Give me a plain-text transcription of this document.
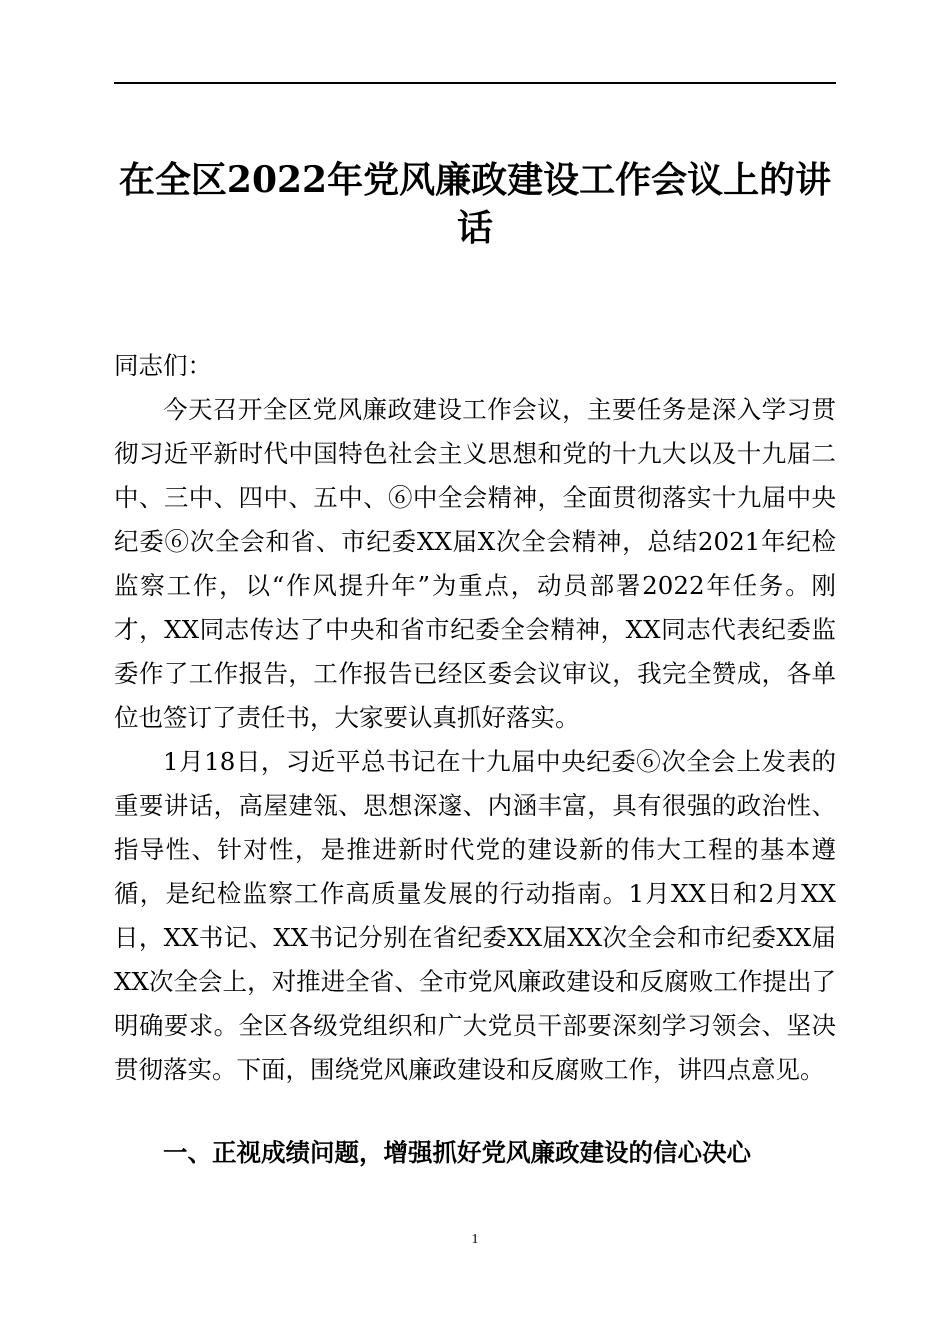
在全区2022年党风廉政建设工作会议上的讲
话
同志们：

今天召开全区党风廉政建设工作会议，主要任务是深入学习贯彻习近平新时代中国特色社会主义思想和党的十九大以及十九届二中、三中、四中、五中、⑥中全会精神，全面贯彻落实十九届中央纪委⑥次全会和省、市纪委XX届X次全会精神，总结2021年纪检监察工作，以“作风提升年”为重点，动员部署2022年任务。刚才，XX同志传达了中央和省市纪委全会精神，XX同志代表纪委监委作了工作报告，工作报告已经区委会议审议，我完全赞成，各单位也签订了责任书，大家要认真抓好落实。

1月18日，习近平总书记在十九届中央纪委⑥次全会上发表的重要讲话，高屋建瓴、思想深邃、内涵丰富，具有很强的政治性、指导性、针对性，是推进新时代党的建设新的伟大工程的基本遵循，是纪检监察工作高质量发展的行动指南。1月XX日和2月XX日，XX书记、XX书记分别在省纪委XX届XX次全会和市纪委XX届XX次全会上，对推进全省、全市党风廉政建设和反腐败工作提出了明确要求。全区各级党组织和广大党员干部要深刻学习领会、坚决贯彻落实。下面，围绕党风廉政建设和反腐败工作，讲四点意见。

一、正视成绩问题，增强抓好党风廉政建设的信心决心
1
